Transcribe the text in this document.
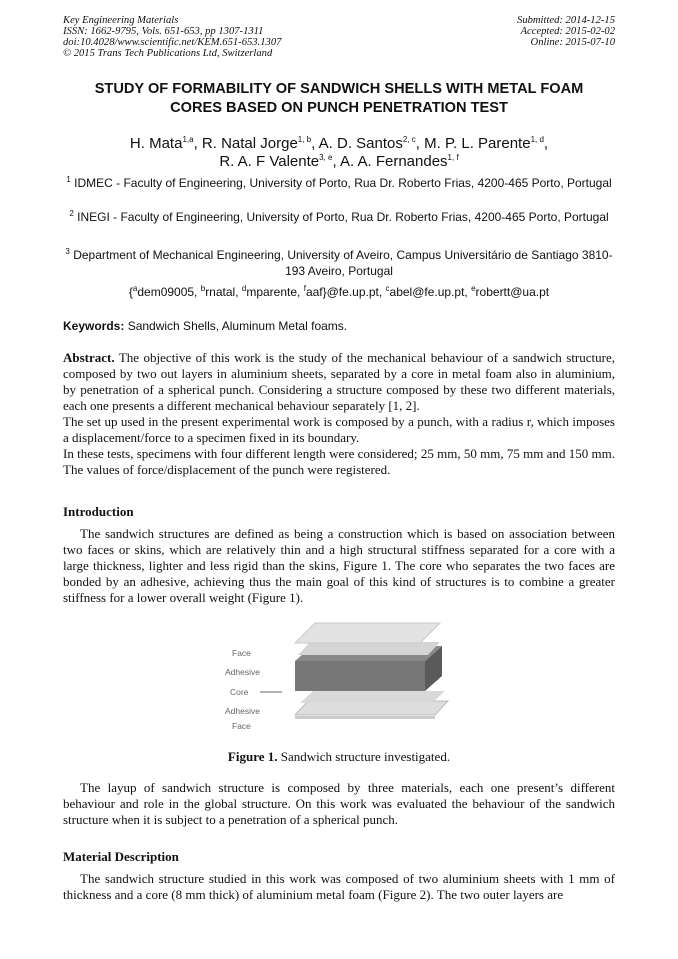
Key Engineering Materials
ISSN: 1662-9795, Vols. 651-653, pp 1307-1311
doi:10.4028/www.scientific.net/KEM.651-653.1307
© 2015 Trans Tech Publications Ltd, Switzerland
Submitted: 2014-12-15
Accepted: 2015-02-02
Online: 2015-07-10
STUDY OF FORMABILITY OF SANDWICH SHELLS WITH METAL FOAM CORES BASED ON PUNCH PENETRATION TEST
H. Mata$^{1,a}$, R. Natal Jorge$^{1, b}$, A. D. Santos$^{2, c}$, M. P. L. Parente$^{1, d}$,
R. A. F Valente$^{3, e}$, A. A. Fernandes$^{1, f}$
$^1$ IDMEC - Faculty of Engineering, University of Porto, Rua Dr. Roberto Frias, 4200-465 Porto, Portugal
$^2$ INEGI - Faculty of Engineering, University of Porto, Rua Dr. Roberto Frias, 4200-465 Porto, Portugal
$^3$ Department of Mechanical Engineering, University of Aveiro, Campus Universitário de Santiago 3810-193 Aveiro, Portugal
{$^a$dem09005, $^b$rnatal, $^d$mparente, $^f$aaf}@fe.up.pt, $^c$abel@fe.up.pt, $^e$robertt@ua.pt
Keywords: Sandwich Shells, Aluminum Metal foams.

Abstract. The objective of this work is the study of the mechanical behaviour of a sandwich structure, composed by two out layers in aluminium sheets, separated by a core in metal foam also in aluminium, by penetration of a spherical punch. Considering a structure composed by these two different materials, each one presents a different mechanical behaviour separately [1, 2].

The set up used in the present experimental work is composed by a punch, with a radius r, which imposes a displacement/force to a specimen fixed in its boundary.

In these tests, specimens with four different length were considered; 25 mm, 50 mm, 75 mm and 150 mm. The values of force/displacement of the punch were registered.

Introduction

The sandwich structures are defined as being a construction which is based on association between two faces or skins, which are relatively thin and a high structural stiffness separated for a core with a large thickness, lighter and less rigid than the skins, Figure 1. The core who separates the two faces are bonded by an adhesive, achieving thus the main goal of this kind of structures is to combine a greater stiffness for a lower overall weight (Figure 1).

Face
Adhesive
Core
Adhesive
Face
Figure 1. Sandwich structure investigated.

The layup of sandwich structure is composed by three materials, each one present’s different behaviour and role in the global structure. On this work was evaluated the behaviour of the sandwich structure when it is subject to a penetration of a spherical punch.

Material Description

The sandwich structure studied in this work was composed of two aluminium sheets with 1 mm of thickness and a core (8 mm thick) of aluminium metal foam (Figure 2). The two outer layers are
